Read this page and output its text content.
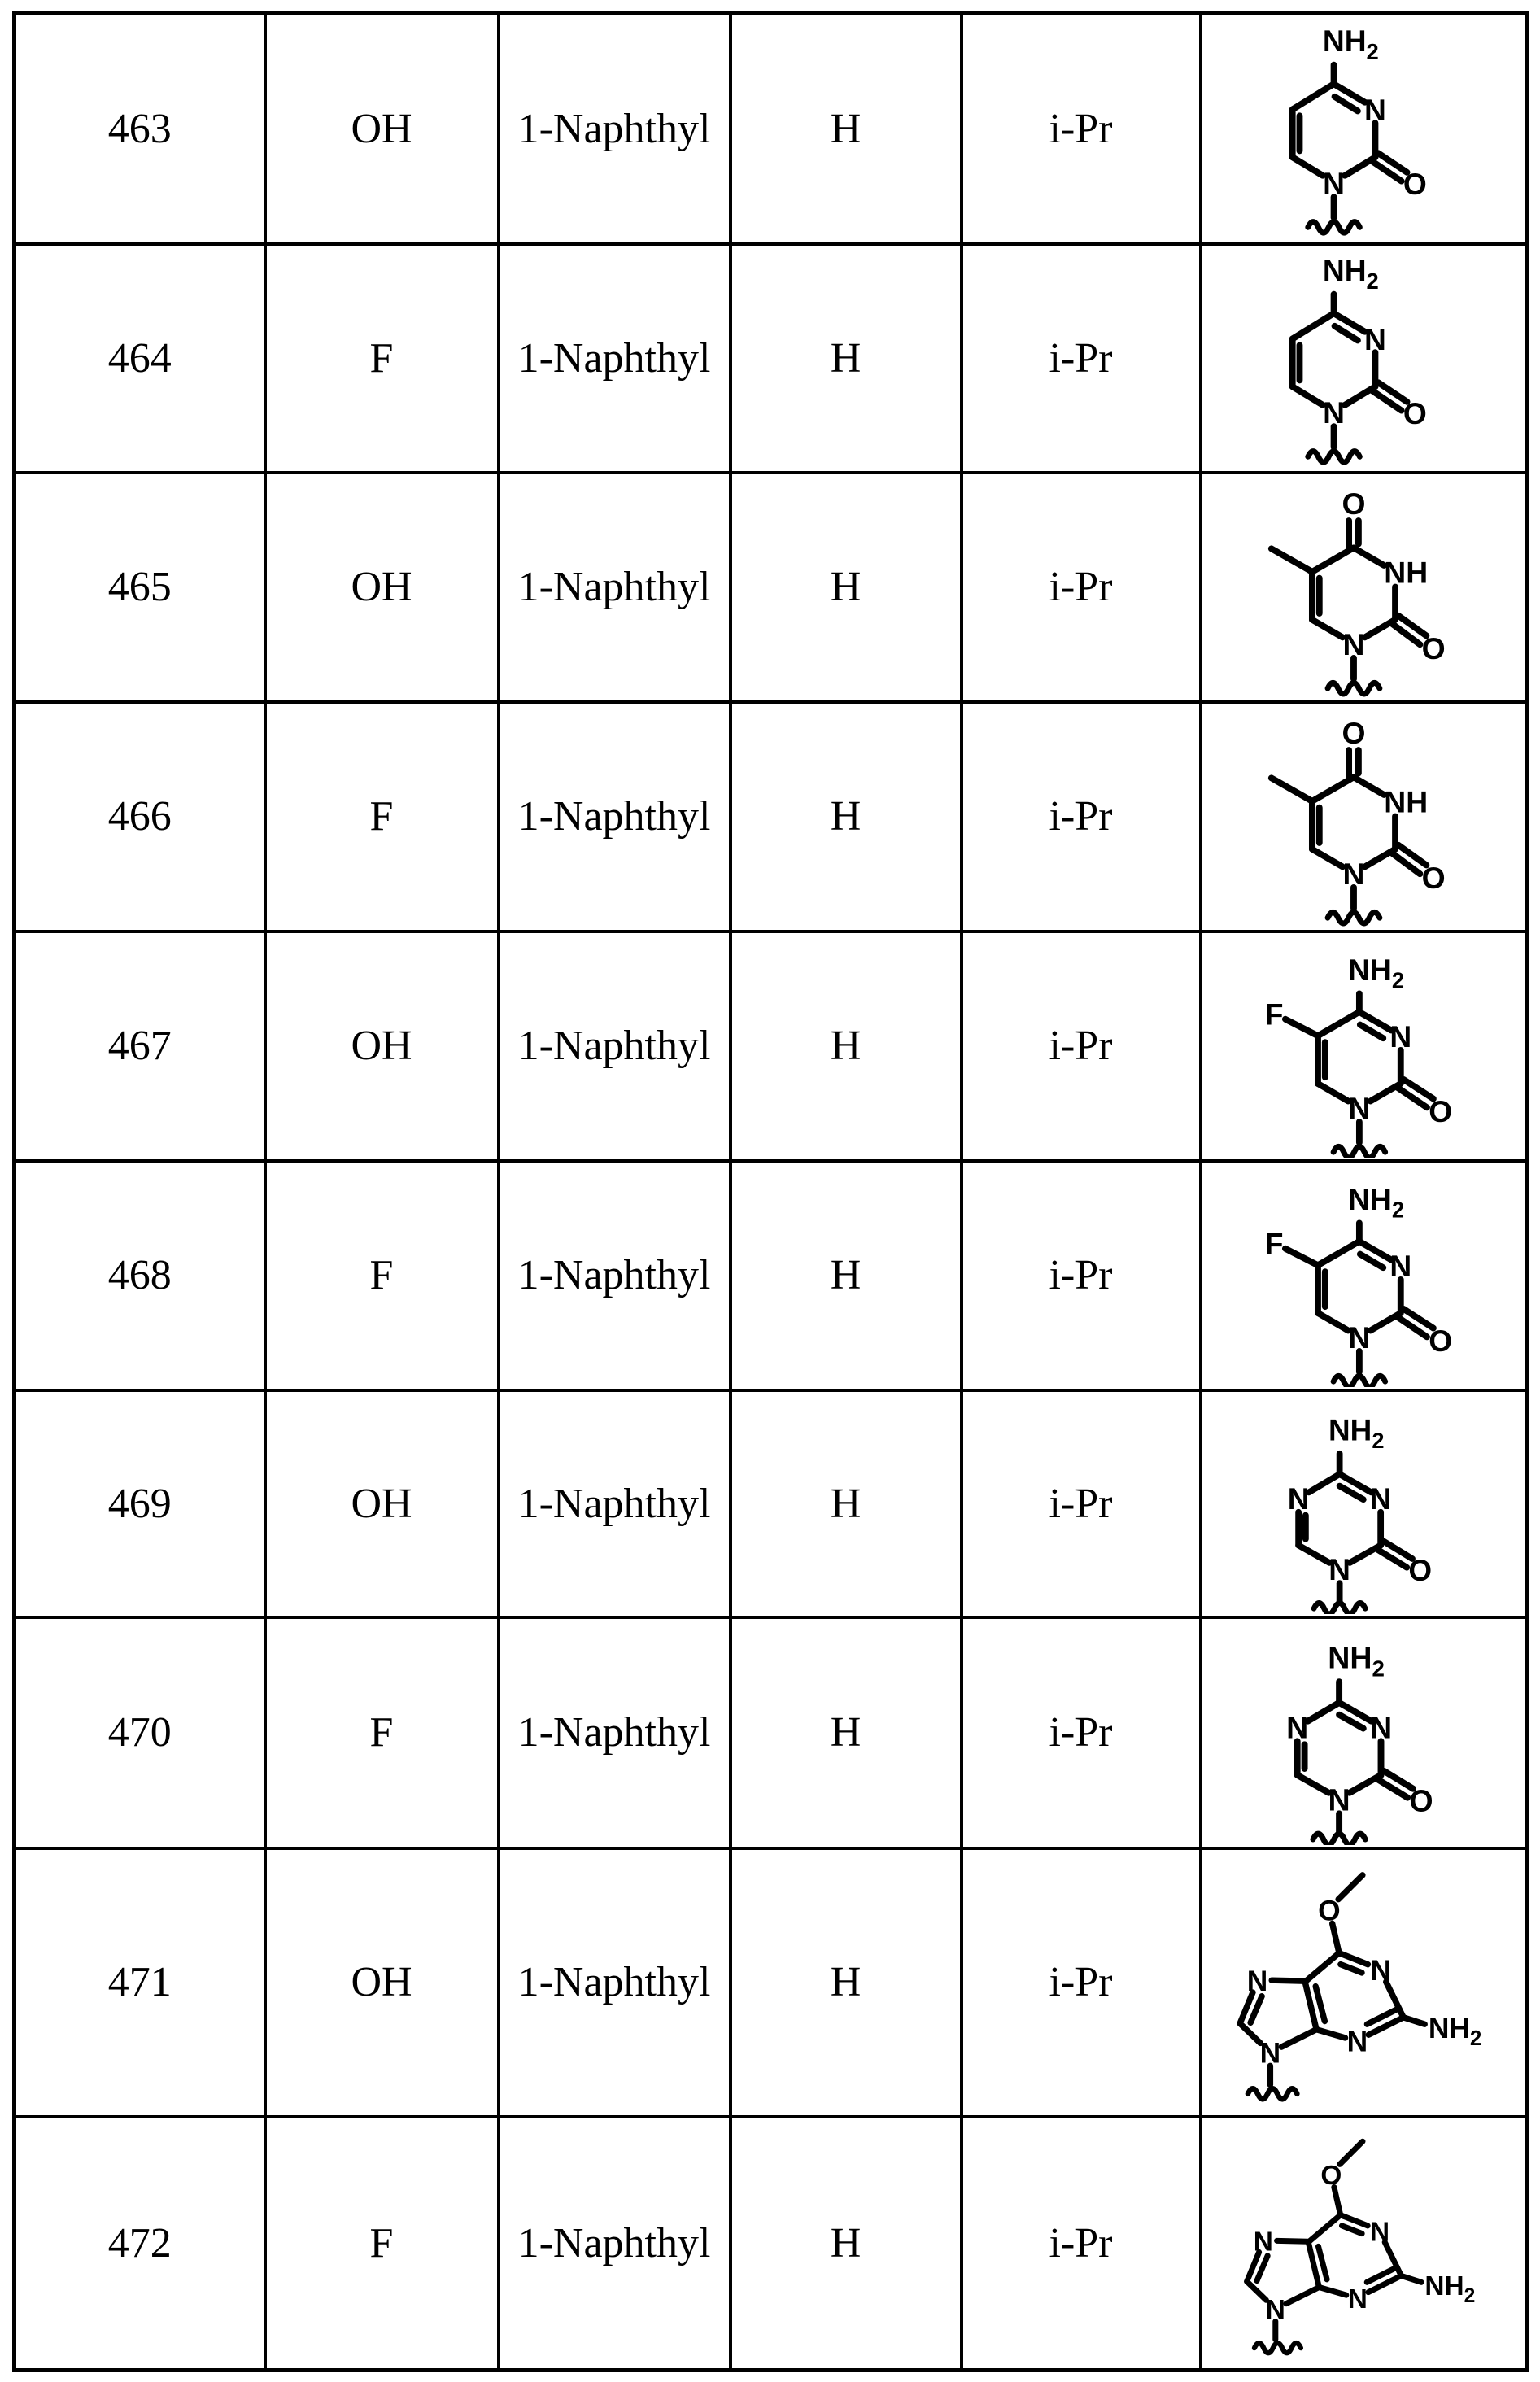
463	OH	1-Naphthyl	H	i-Pr	

464	F	1-Naphthyl	H	i-Pr	

465	OH	1-Naphthyl	H	i-Pr	

466	F	1-Naphthyl	H	i-Pr	

467	OH	1-Naphthyl	H	i-Pr	

468	F	1-Naphthyl	H	i-Pr	

469	OH	1-Naphthyl	H	i-Pr	

470	F	1-Naphthyl	H	i-Pr	

471	OH	1-Naphthyl	H	i-Pr	

472	F	1-Naphthyl	H	i-Pr	
